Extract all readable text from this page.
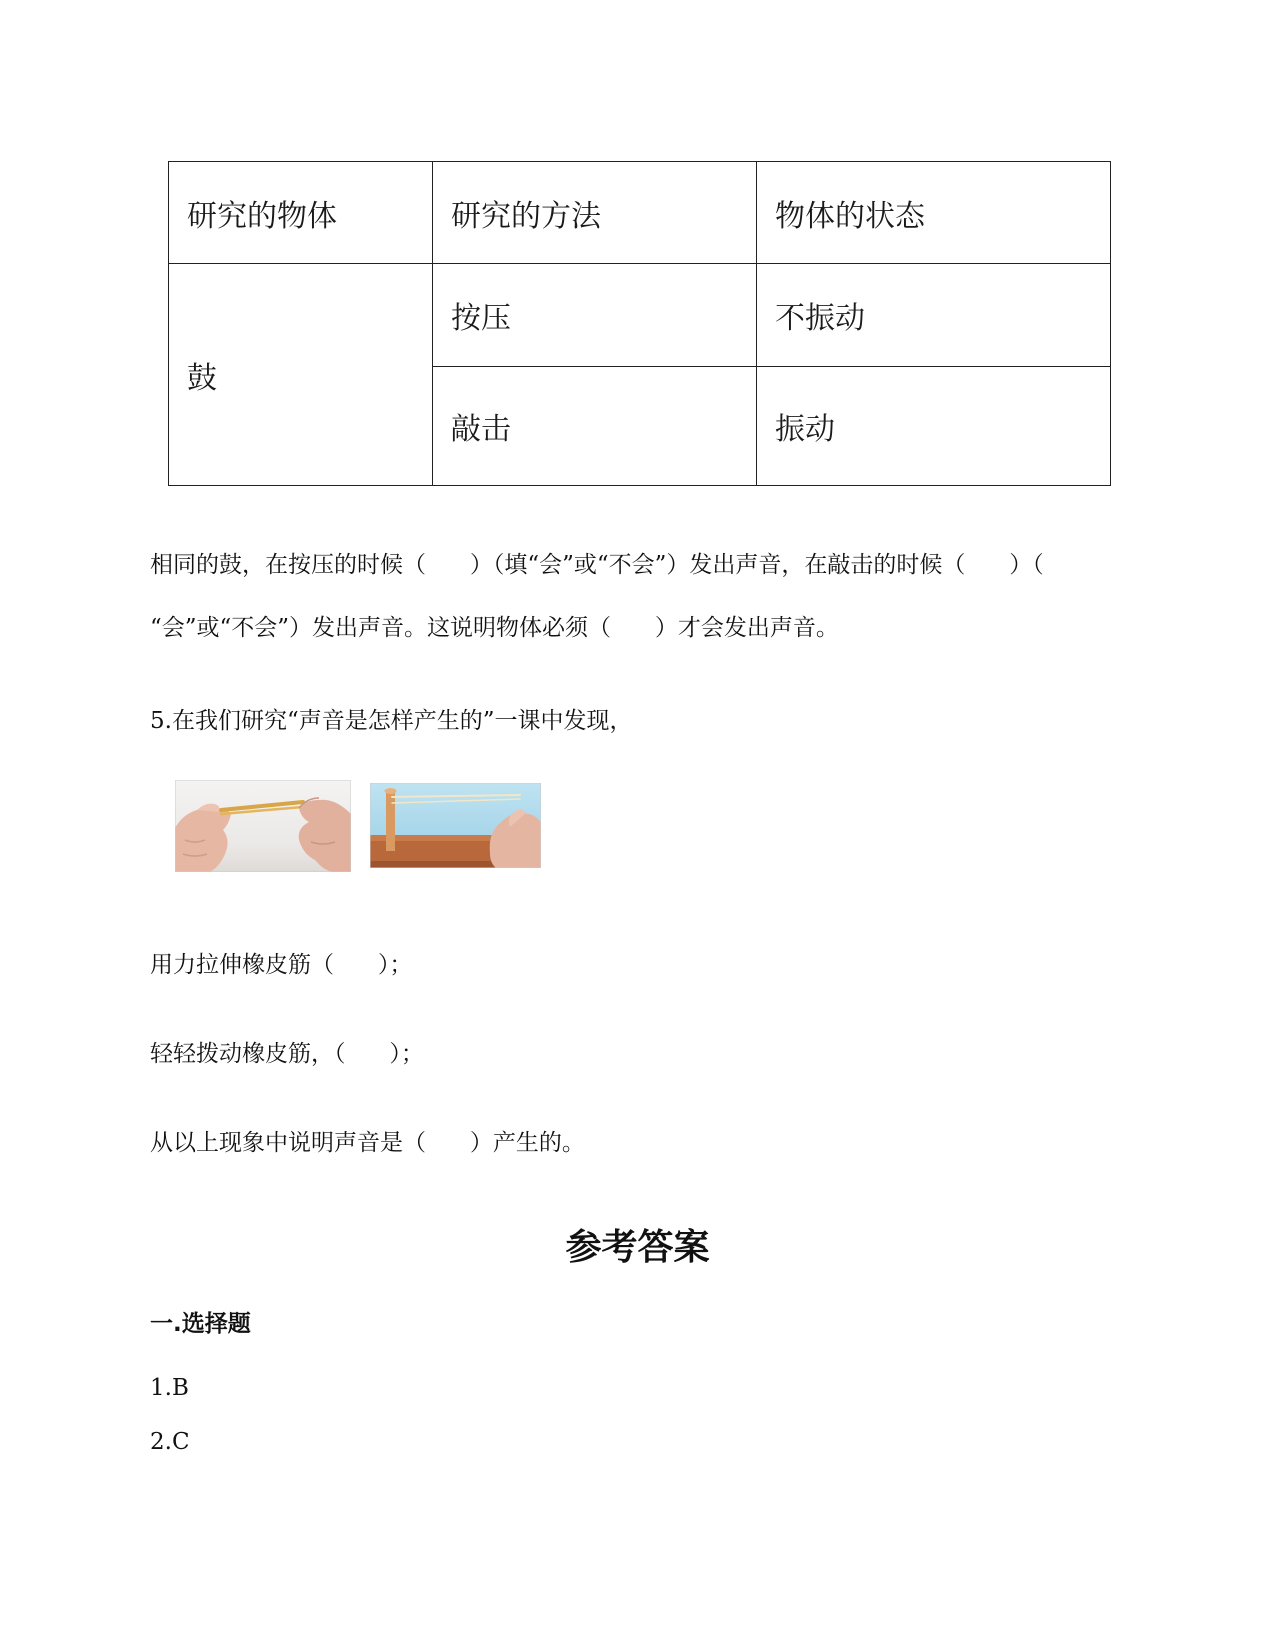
研究的物体	研究的方法	物体的状态
鼓	按压	不振动
	敲击	振动
相同的鼓，在按压的时候（      ）（填“会”或“不会”）发出声音，在敲击的时候（      ）（
“会”或“不会”）发出声音。这说明物体必须（      ）才会发出声音。
5.在我们研究“声音是怎样产生的”一课中发现，
用力拉伸橡皮筋（      ）；
轻轻拨动橡皮筋，（      ）；
从以上现象中说明声音是（      ）产生的。
参考答案
一.选择题
1.B
2.C
